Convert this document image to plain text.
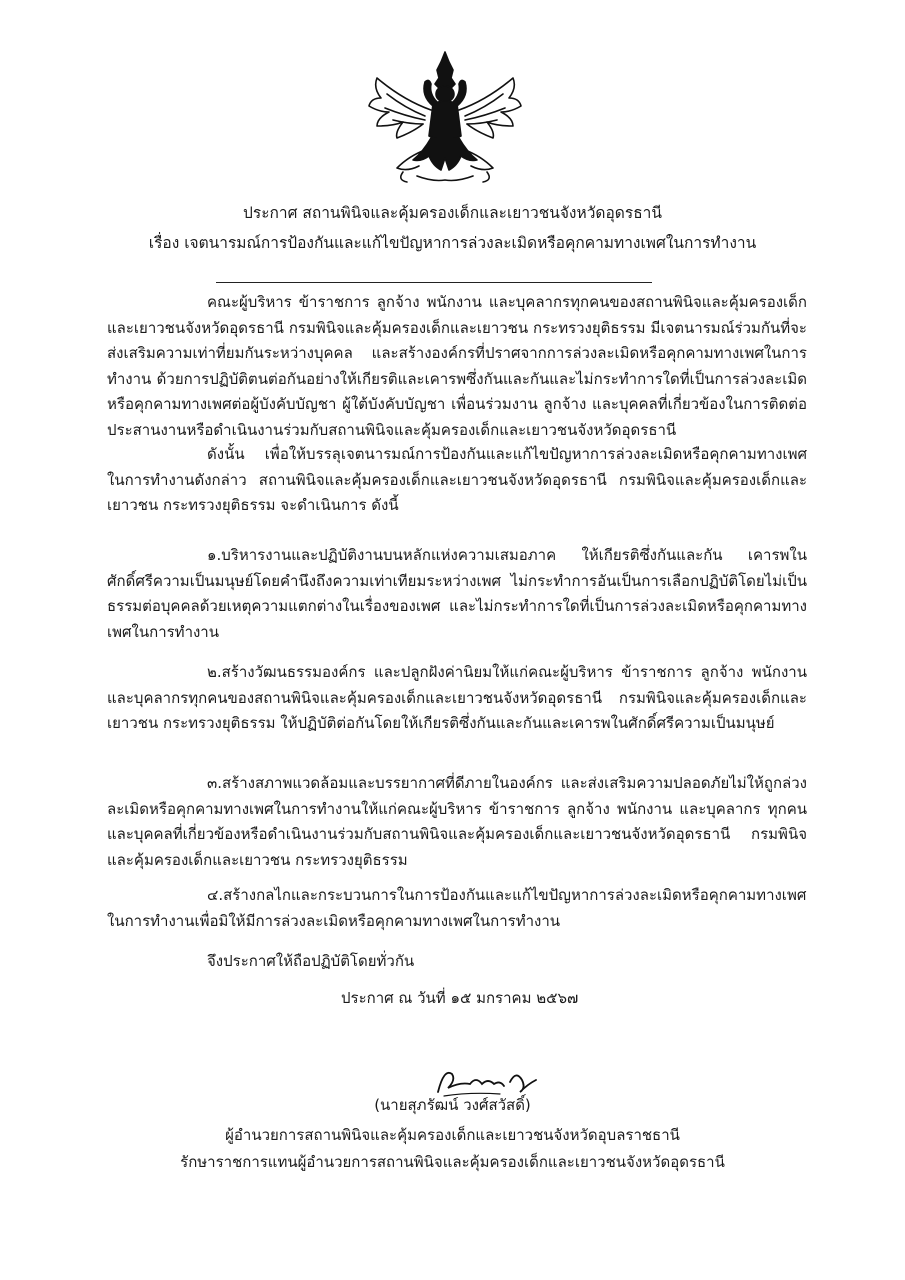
ประกาศ สถานพินิจและคุ้มครองเด็กและเยาวชนจังหวัดอุดรธานี
เรื่อง เจตนารมณ์การป้องกันและแก้ไขปัญหาการล่วงละเมิดหรือคุกคามทางเพศในการทำงาน
คณะผู้บริหาร ข้าราชการ ลูกจ้าง พนักงาน และบุคลากรทุกคนของสถานพินิจและคุ้มครองเด็กและเยาวชนจังหวัดอุดรธานี กรมพินิจและคุ้มครองเด็กและเยาวชน กระทรวงยุติธรรม มีเจตนารมณ์ร่วมกันที่จะส่งเสริมความเท่าที่ยมกันระหว่างบุคคล และสร้างองค์กรที่ปราศจากการล่วงละเมิดหรือคุกคามทางเพศในการทำงาน ด้วยการปฏิบัติตนต่อกันอย่างให้เกียรติและเคารพซึ่งกันและกันและไม่กระทำการใดที่เป็นการล่วงละเมิดหรือคุกคามทางเพศต่อผู้บังคับบัญชา ผู้ใต้บังคับบัญชา เพื่อนร่วมงาน ลูกจ้าง และบุคคลที่เกี่ยวข้องในการติดต่อประสานงานหรือดำเนินงานร่วมกับสถานพินิจและคุ้มครองเด็กและเยาวชนจังหวัดอุดรธานี
ดังนั้น เพื่อให้บรรลุเจตนารมณ์การป้องกันและแก้ไขปัญหาการล่วงละเมิดหรือคุกคามทางเพศในการทำงานดังกล่าว สถานพินิจและคุ้มครองเด็กและเยาวชนจังหวัดอุดรธานี กรมพินิจและคุ้มครองเด็กและเยาวชน กระทรวงยุติธรรม จะดำเนินการ ดังนี้
๑.บริหารงานและปฏิบัติงานบนหลักแห่งความเสมอภาค ให้เกียรติซึ่งกันและกัน เคารพในศักดิ์ศรีความเป็นมนุษย์โดยคำนึงถึงความเท่าเทียมระหว่างเพศ ไม่กระทำการอันเป็นการเลือกปฏิบัติโดยไม่เป็นธรรมต่อบุคคลด้วยเหตุความแตกต่างในเรื่องของเพศ และไม่กระทำการใดที่เป็นการล่วงละเมิดหรือคุกคามทางเพศในการทำงาน
๒.สร้างวัฒนธรรมองค์กร และปลูกฝังค่านิยมให้แก่คณะผู้บริหาร ข้าราชการ ลูกจ้าง พนักงานและบุคลากรทุกคนของสถานพินิจและคุ้มครองเด็กและเยาวชนจังหวัดอุดรธานี กรมพินิจและคุ้มครองเด็กและเยาวชน กระทรวงยุติธรรม ให้ปฏิบัติต่อกันโดยให้เกียรติซึ่งกันและกันและเคารพในศักดิ์ศรีความเป็นมนุษย์
๓.สร้างสภาพแวดล้อมและบรรยากาศที่ดีภายในองค์กร และส่งเสริมความปลอดภัยไม่ให้ถูกล่วงละเมิดหรือคุกคามทางเพศในการทำงานให้แก่คณะผู้บริหาร ข้าราชการ ลูกจ้าง พนักงาน และบุคลากร ทุกคนและบุคคลที่เกี่ยวข้องหรือดำเนินงานร่วมกับสถานพินิจและคุ้มครองเด็กและเยาวชนจังหวัดอุดรธานี กรมพินิจและคุ้มครองเด็กและเยาวชน กระทรวงยุติธรรม
๔.สร้างกลไกและกระบวนการในการป้องกันและแก้ไขปัญหาการล่วงละเมิดหรือคุกคามทางเพศในการทำงานเพื่อมิให้มีการล่วงละเมิดหรือคุกคามทางเพศในการทำงาน
จึงประกาศให้ถือปฏิบัติโดยทั่วกัน
ประกาศ ณ วันที่ ๑๕ มกราคม ๒๕๖๗
(นายสุภรัฒน์ วงศ์สวัสดิ์)
ผู้อำนวยการสถานพินิจและคุ้มครองเด็กและเยาวชนจังหวัดอุบลราชธานี
รักษาราชการแทนผู้อำนวยการสถานพินิจและคุ้มครองเด็กและเยาวชนจังหวัดอุดรธานี
